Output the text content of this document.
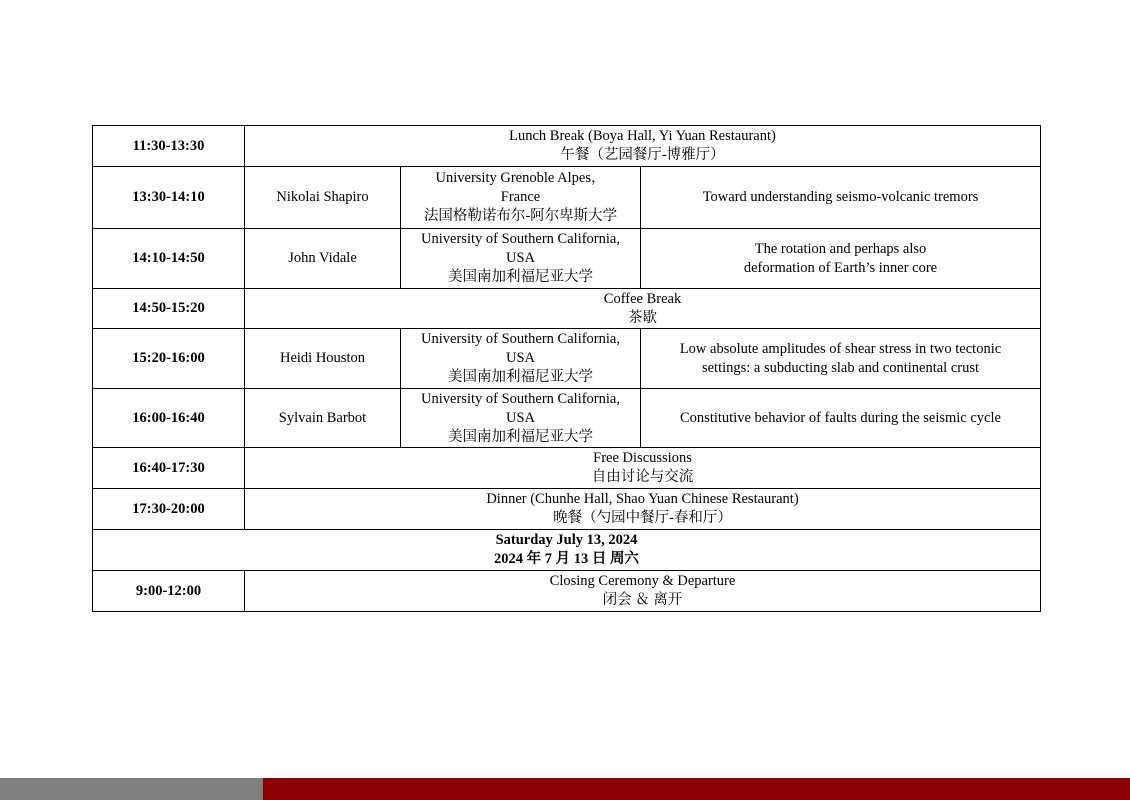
11:30-13:30	Lunch Break (Boya Hall, Yi Yuan Restaurant)
午餐（艺园餐厅-博雅厅）		

13:30-14:10	Nikolai Shapiro	University Grenoble Alpes，
France
法国格勒诺布尔-阿尔卑斯大学	Toward understanding seismo-volcanic tremors

14:10-14:50	John Vidale	University of Southern California,
USA
美国南加利福尼亚大学	The rotation and perhaps also
deformation of Earth’s inner core

14:50-15:20	Coffee Break
茶歇		

15:20-16:00	Heidi Houston	University of Southern California,
USA
美国南加利福尼亚大学	Low absolute amplitudes of shear stress in two tectonic
settings: a subducting slab and continental crust

16:00-16:40	Sylvain Barbot	University of Southern California,
USA
美国南加利福尼亚大学	Constitutive behavior of faults during the seismic cycle

16:40-17:30	Free Discussions
自由讨论与交流		

17:30-20:00	Dinner (Chunhe Hall, Shao Yuan Chinese Restaurant)
晚餐（勺园中餐厅-春和厅）		

Saturday July 13, 2024
2024 年 7 月 13 日 周六			

9:00-12:00	Closing Ceremony & Departure
闭会 ＆ 离开		
